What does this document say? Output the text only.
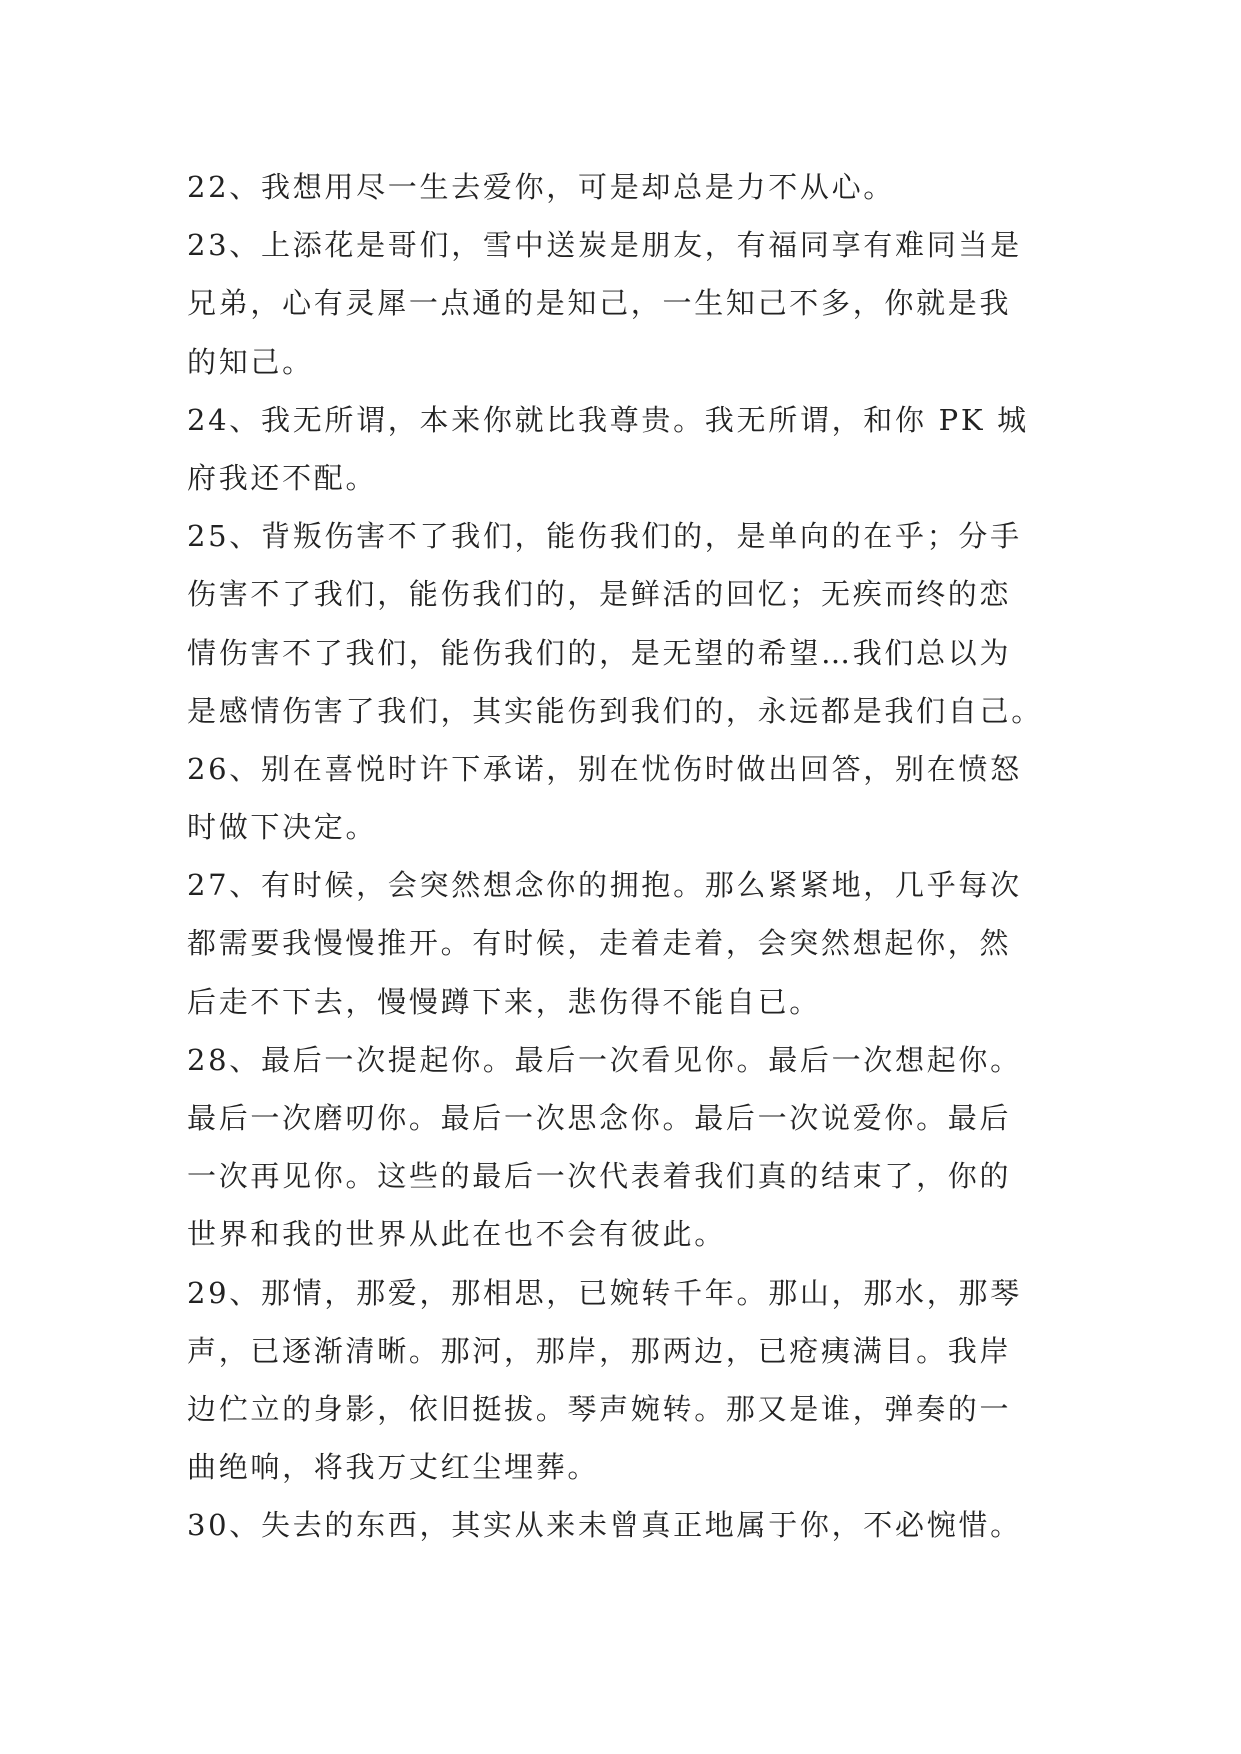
22、我想用尽一生去爱你，可是却总是力不从心。
23、上添花是哥们，雪中送炭是朋友，有福同享有难同当是
兄弟，心有灵犀一点通的是知己，一生知己不多，你就是我
的知己。
24、我无所谓，本来你就比我尊贵。我无所谓，和你 PK 城
府我还不配。
25、背叛伤害不了我们，能伤我们的，是单向的在乎；分手
伤害不了我们，能伤我们的，是鲜活的回忆；无疾而终的恋
情伤害不了我们，能伤我们的，是无望的希望…我们总以为
是感情伤害了我们，其实能伤到我们的，永远都是我们自己。
26、别在喜悦时许下承诺，别在忧伤时做出回答，别在愤怒
时做下决定。
27、有时候，会突然想念你的拥抱。那么紧紧地，几乎每次
都需要我慢慢推开。有时候，走着走着，会突然想起你，然
后走不下去，慢慢蹲下来，悲伤得不能自已。
28、最后一次提起你。最后一次看见你。最后一次想起你。
最后一次磨叨你。最后一次思念你。最后一次说爱你。最后
一次再见你。这些的最后一次代表着我们真的结束了，你的
世界和我的世界从此在也不会有彼此。
29、那情，那爱，那相思，已婉转千年。那山，那水，那琴
声，已逐渐清晰。那河，那岸，那两边，已疮痍满目。我岸
边伫立的身影，依旧挺拔。琴声婉转。那又是谁，弹奏的一
曲绝响，将我万丈红尘埋葬。
30、失去的东西，其实从来未曾真正地属于你，不必惋惜。
